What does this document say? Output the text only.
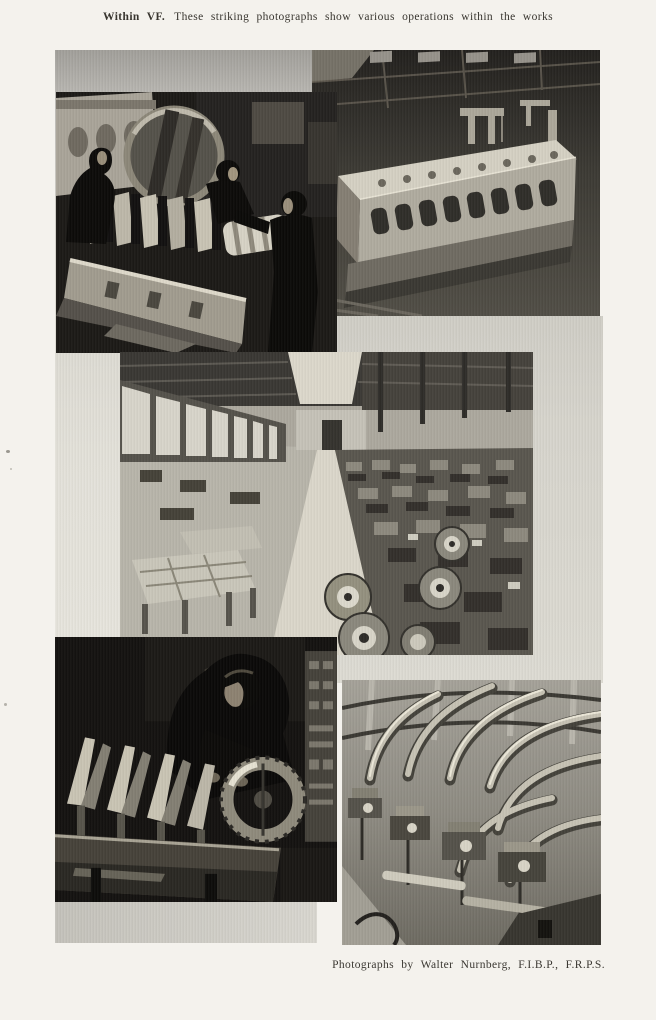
Within VF. These striking photographs show various operations within the works

Photographs by Walter Nurnberg, F.I.B.P., F.R.P.S.
